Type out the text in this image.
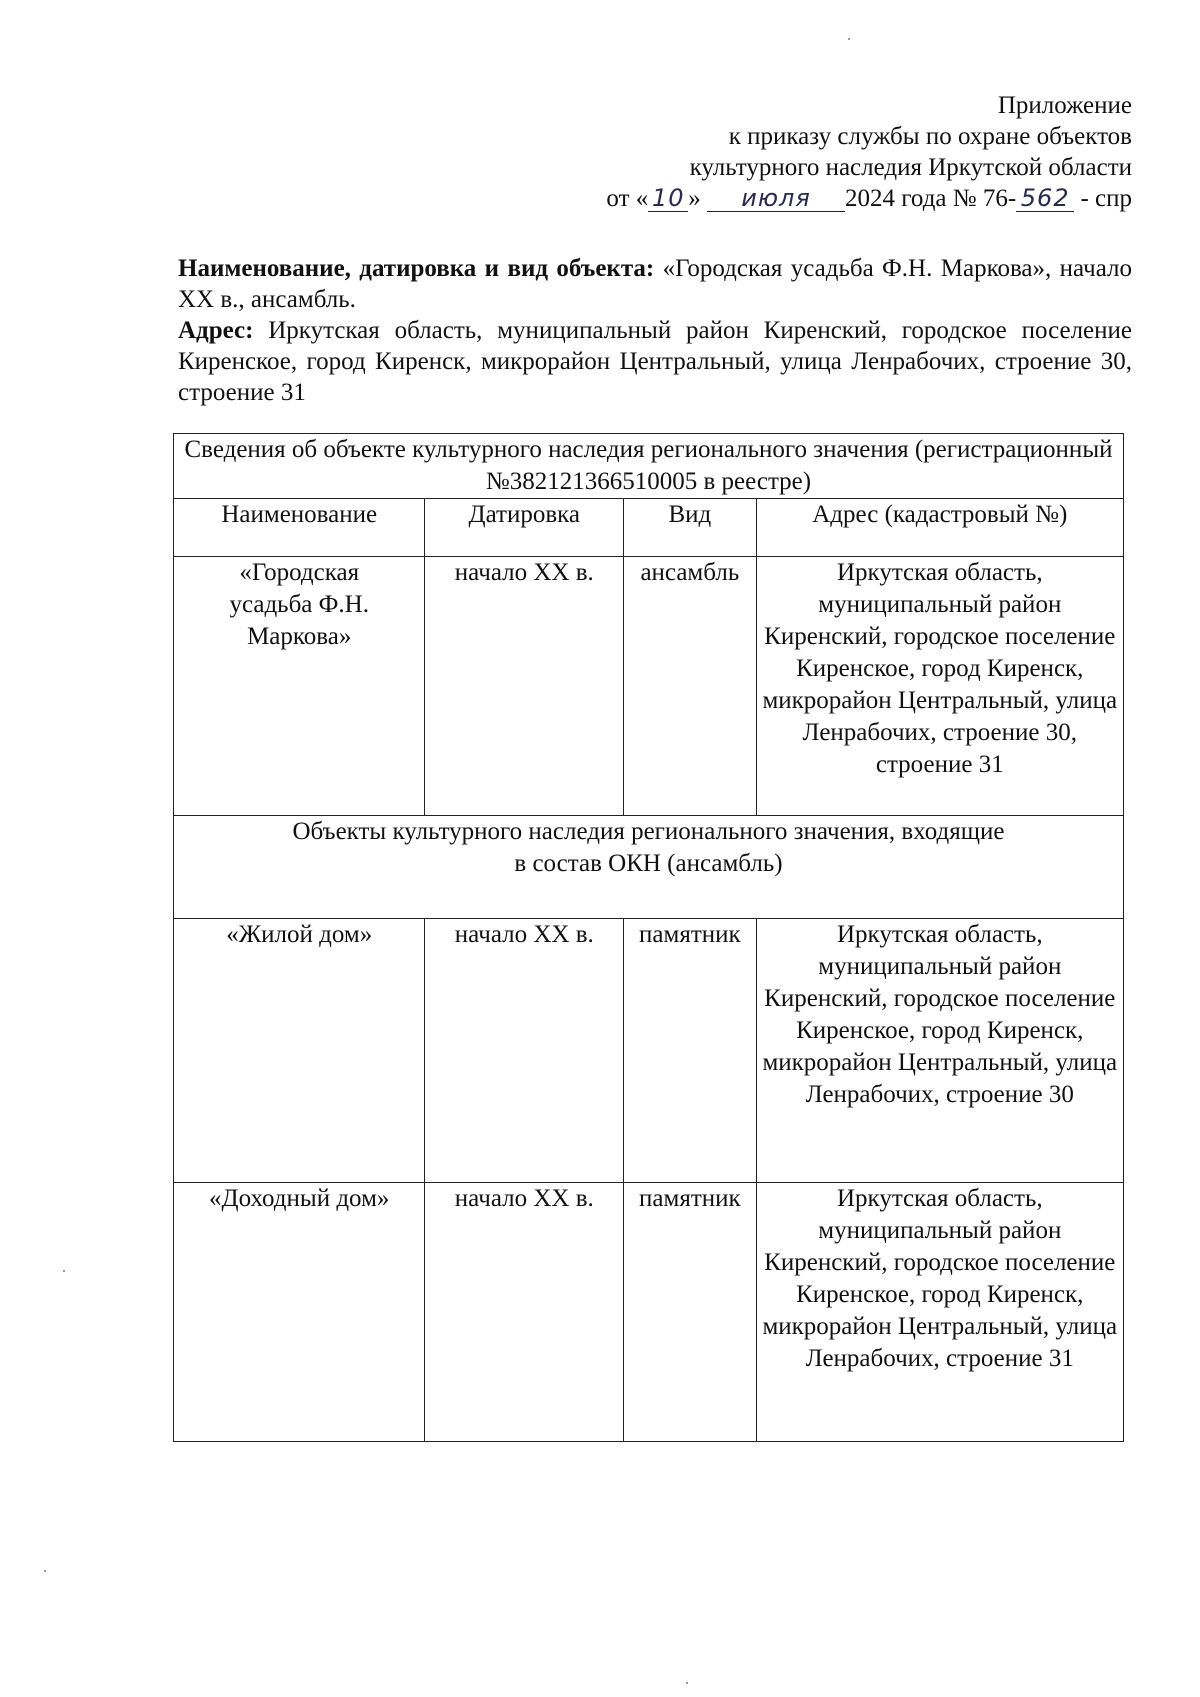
Приложение
к приказу службы по охране объектов
культурного наследия Иркутской области
от « 10 » июля 2024 года № 76- 562 - спр

Наименование, датировка и вид объекта: «Городская усадьба Ф.Н. Маркова», начало XX в., ансамбль.

Адрес: Иркутская область, муниципальный район Киренский, городское поселение Киренское, город Киренск, микрорайон Центральный, улица Ленрабочих, строение 30, строение 31

Сведения об объекте культурного наследия регионального значения (регистрационный №382121366510005 в реестре)			
Наименование	Датировка	Вид	Адрес (кадастровый №)
«Городская усадьба Ф.Н. Маркова»	начало XX в.	ансамбль	Иркутская область, муниципальный район Киренский, городское поселение Киренское, город Киренск, микрорайон Центральный, улица Ленрабочих, строение 30, строение 31
Объекты культурного наследия регионального значения, входящие в состав ОКН (ансамбль)			
«Жилой дом»	начало XX в.	памятник	Иркутская область, муниципальный район Киренский, городское поселение Киренское, город Киренск, микрорайон Центральный, улица Ленрабочих, строение 30
«Доходный дом»	начало XX в.	памятник	Иркутская область, муниципальный район Киренский, городское поселение Киренское, город Киренск, микрорайон Центральный, улица Ленрабочих, строение 31
